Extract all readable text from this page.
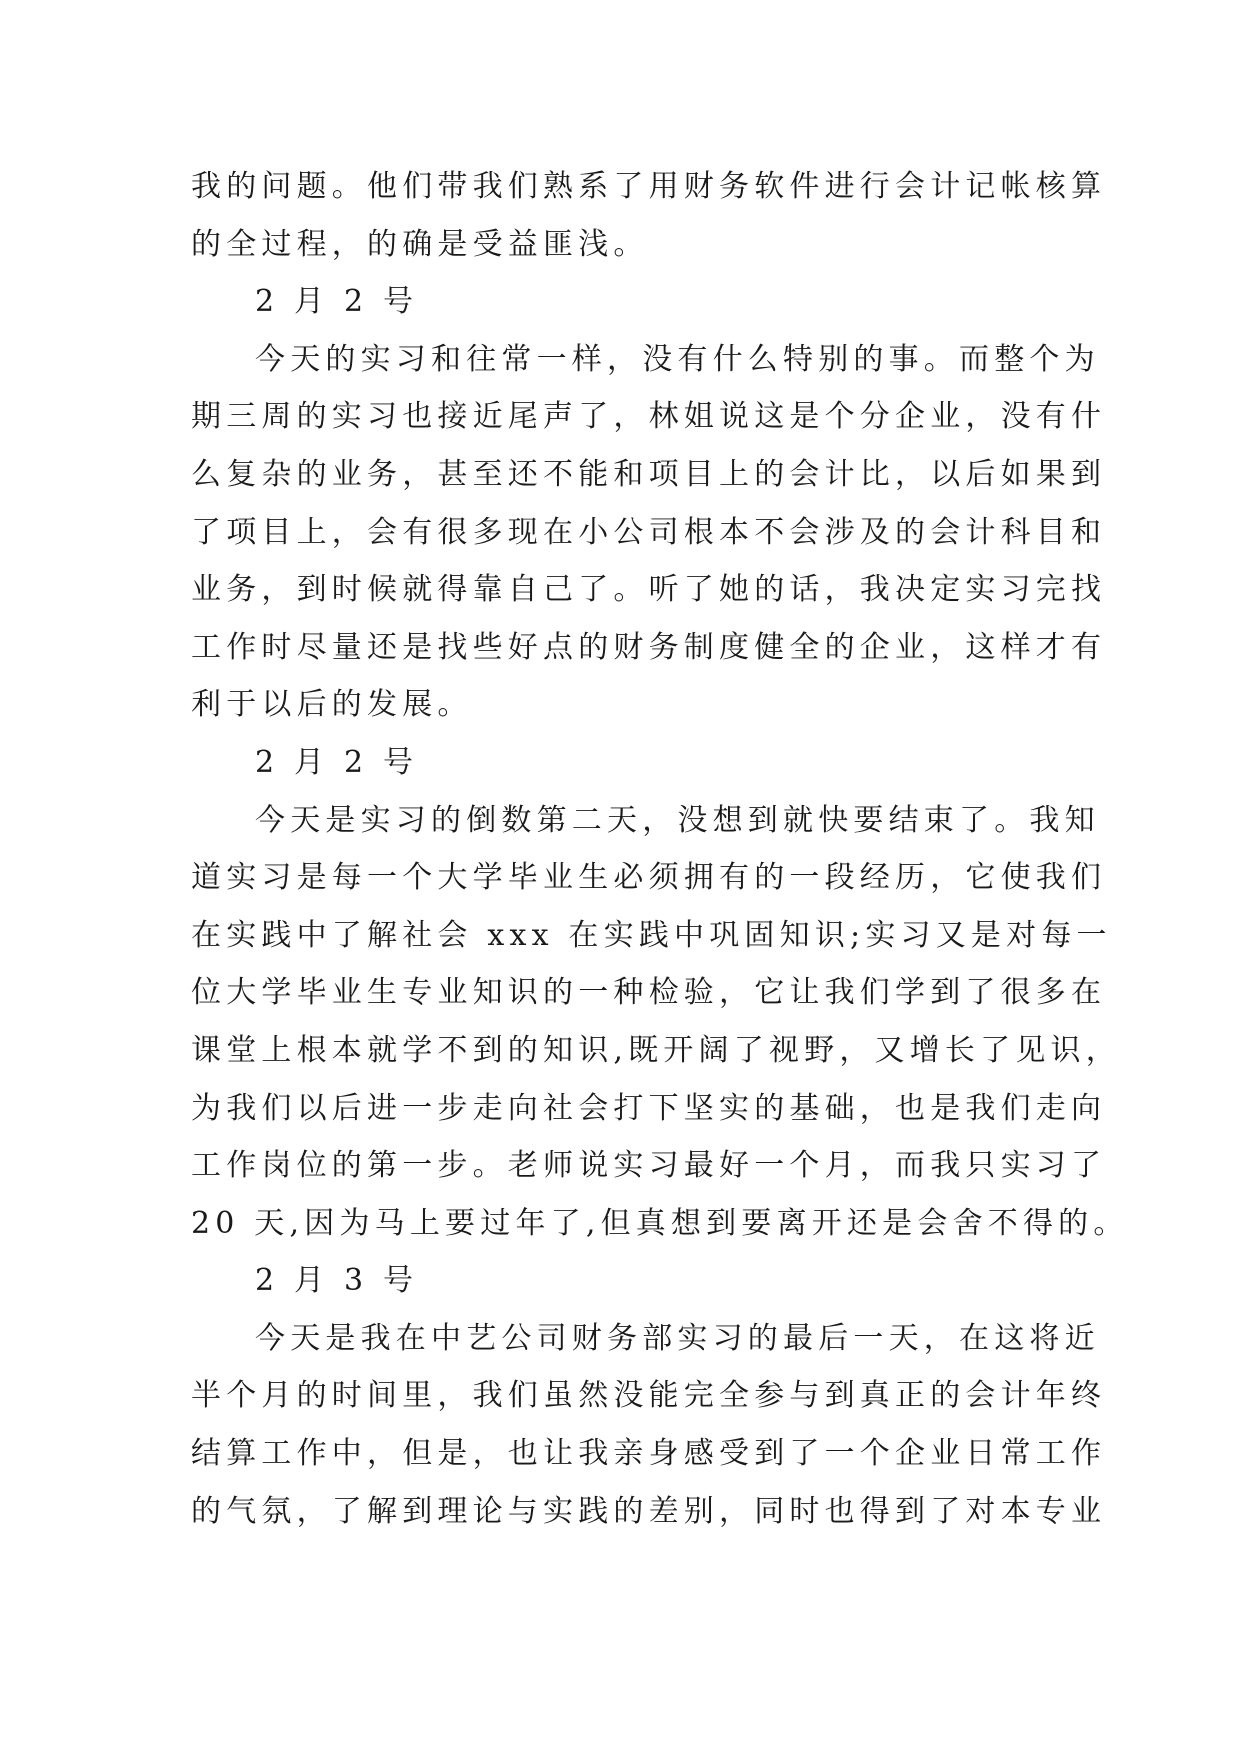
我的问题。他们带我们熟系了用财务软件进行会计记帐核算
的全过程，的确是受益匪浅。
2 月 2 号
今天的实习和往常一样，没有什么特别的事。而整个为
期三周的实习也接近尾声了，林姐说这是个分企业，没有什
么复杂的业务，甚至还不能和项目上的会计比，以后如果到
了项目上，会有很多现在小公司根本不会涉及的会计科目和
业务，到时候就得靠自己了。听了她的话，我决定实习完找
工作时尽量还是找些好点的财务制度健全的企业，这样才有
利于以后的发展。
2 月 2 号
今天是实习的倒数第二天，没想到就快要结束了。我知
道实习是每一个大学毕业生必须拥有的一段经历，它使我们
在实践中了解社会 xxx 在实践中巩固知识;实习又是对每一
位大学毕业生专业知识的一种检验，它让我们学到了很多在
课堂上根本就学不到的知识,既开阔了视野，又增长了见识，
为我们以后进一步走向社会打下坚实的基础，也是我们走向
工作岗位的第一步。老师说实习最好一个月，而我只实习了
20 天,因为马上要过年了,但真想到要离开还是会舍不得的。
2 月 3 号
今天是我在中艺公司财务部实习的最后一天，在这将近
半个月的时间里，我们虽然没能完全参与到真正的会计年终
结算工作中，但是，也让我亲身感受到了一个企业日常工作
的气氛，了解到理论与实践的差别，同时也得到了对本专业
